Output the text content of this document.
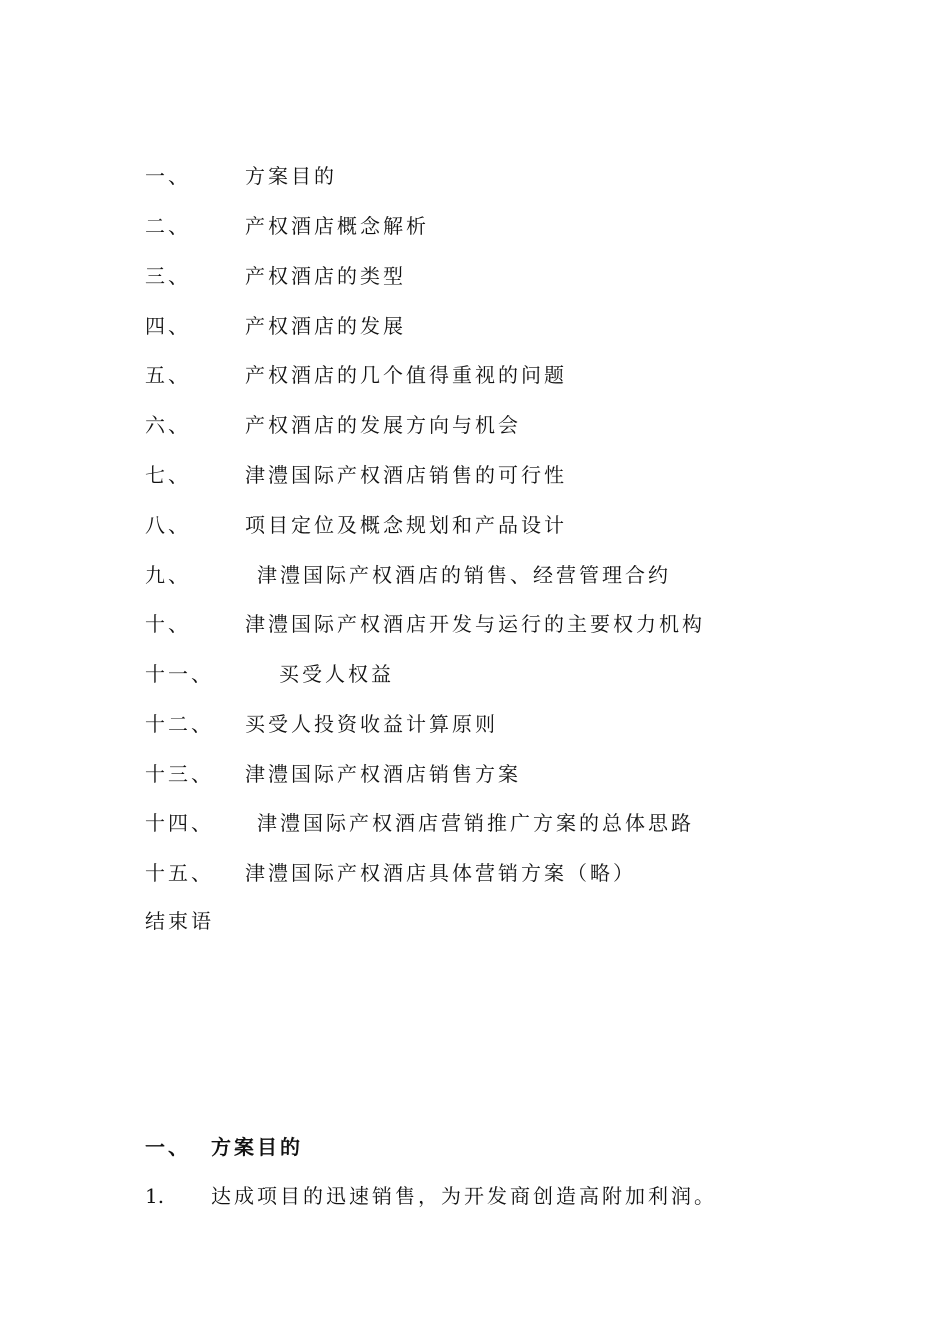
一、	方案目的
二、	产权酒店概念解析
三、	产权酒店的类型
四、	产权酒店的发展
五、	产权酒店的几个值得重视的问题
六、	产权酒店的发展方向与机会
七、	津澧国际产权酒店销售的可行性
八、	项目定位及概念规划和产品设计
九、	津澧国际产权酒店的销售、经营管理合约
十、	津澧国际产权酒店开发与运行的主要权力机构
十一、	买受人权益
十二、 买受人投资收益计算原则
十三、 津澧国际产权酒店销售方案
十四、 津澧国际产权酒店营销推广方案的总体思路
十五、 津澧国际产权酒店具体营销方案（略）
结束语
一、 方案目的
1. 达成项目的迅速销售，为开发商创造高附加利润。
